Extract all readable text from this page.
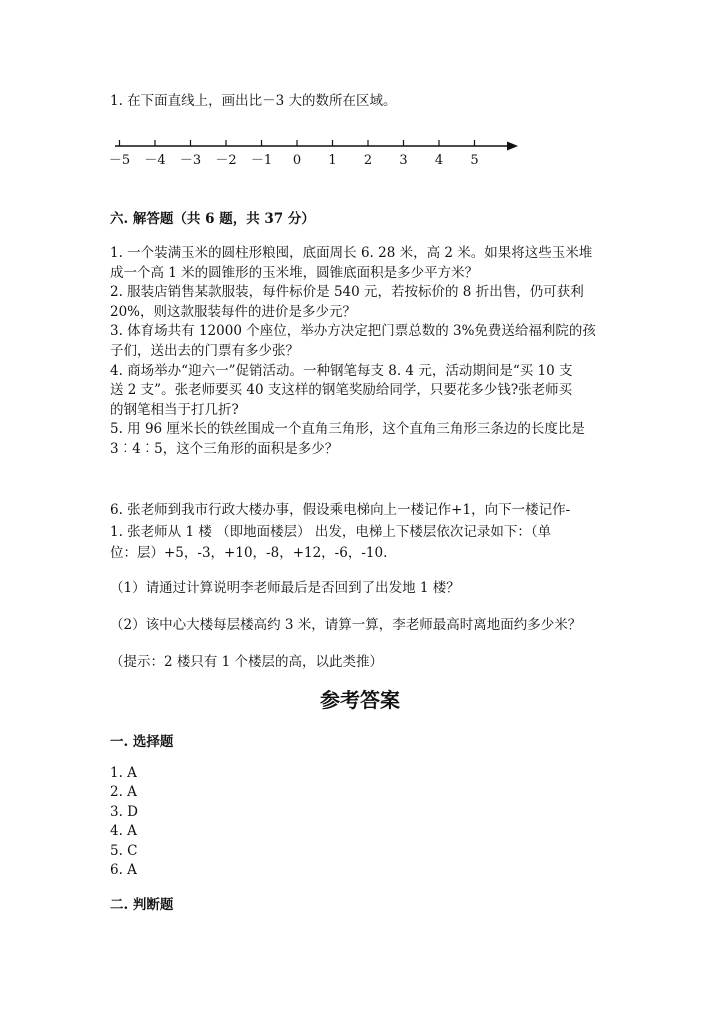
1. 在下面直线上，画出比－3 大的数所在区域。
－5 －4 －3 －2 －1 0 1 2 3 4 5
六. 解答题（共 6 题，共 37 分）
1. 一个装满玉米的圆柱形粮囤，底面周长 6. 28 米，高 2 米。如果将这些玉米堆
成一个高 1 米的圆锥形的玉米堆，圆锥底面积是多少平方米？
2. 服装店销售某款服装，每件标价是 540 元，若按标价的 8 折出售，仍可获利
20%，则这款服装每件的进价是多少元？
3. 体育场共有 12000 个座位，举办方决定把门票总数的 3%免费送给福利院的孩
子们，送出去的门票有多少张？
4. 商场举办“迎六一”促销活动。一种钢笔每支 8. 4 元，活动期间是“买 10 支
送 2 支”。张老师要买 40 支这样的钢笔奖励给同学，只要花多少钱?张老师买
的钢笔相当于打几折?
5. 用 96 厘米长的铁丝围成一个直角三角形，这个直角三角形三条边的长度比是
3︰4︰5，这个三角形的面积是多少？
6. 张老师到我市行政大楼办事，假设乘电梯向上一楼记作+1，向下一楼记作-
1. 张老师从 1 楼 （即地面楼层） 出发，电梯上下楼层依次记录如下：（单
位：层）+5，-3，+10，-8，+12，-6，-10.
（1）请通过计算说明李老师最后是否回到了出发地 1 楼？
（2）该中心大楼每层楼高约 3 米，请算一算，李老师最高时离地面约多少米？
（提示：2 楼只有 1 个楼层的高，以此类推）
参考答案
一. 选择题
1. A
2. A
3. D
4. A
5. C
6. A
二. 判断题
